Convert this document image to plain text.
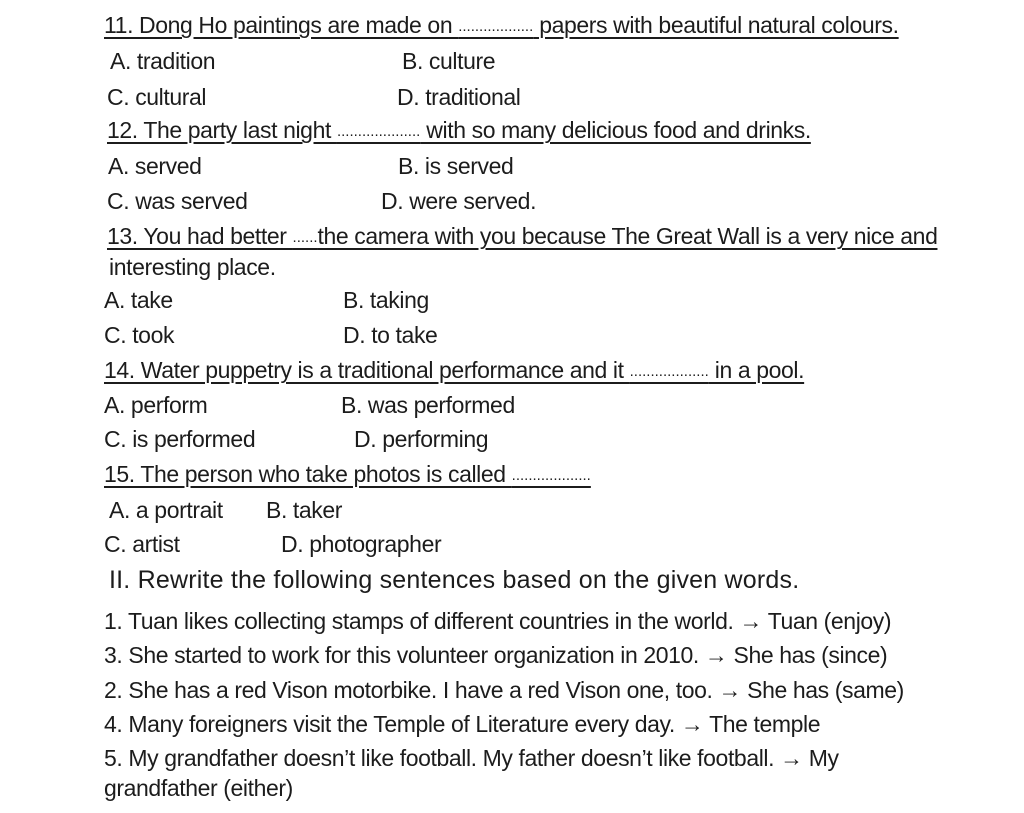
11. Dong Ho paintings are made on .................. papers with beautiful natural colours.
A. tradition	B. culture
C. cultural	D. traditional
12. The party last night .................... with so many delicious food and drinks.
A. served	B. is served
C. was served	D. were served.
13. You had better ......the camera with you because The Great Wall is a very nice and
interesting place.
A. take	B. taking
C. took	D. to take
14. Water puppetry is a traditional performance and it ................... in a pool.
A. perform	B. was performed
C. is performed	D. performing
15. The person who take photos is called ...................
A. a portrait B. taker
C. artist	D. photographer
II. Rewrite the following sentences based on the given words.
1. Tuan likes collecting stamps of different countries in the world. → Tuan (enjoy)
3. She started to work for this volunteer organization in 2010. → She has (since)
2. She has a red Vison motorbike. I have a red Vison one, too. → She has (same)
4. Many foreigners visit the Temple of Literature every day. → The temple
5. My grandfather doesn’t like football. My father doesn’t like football. → My
grandfather (either)
